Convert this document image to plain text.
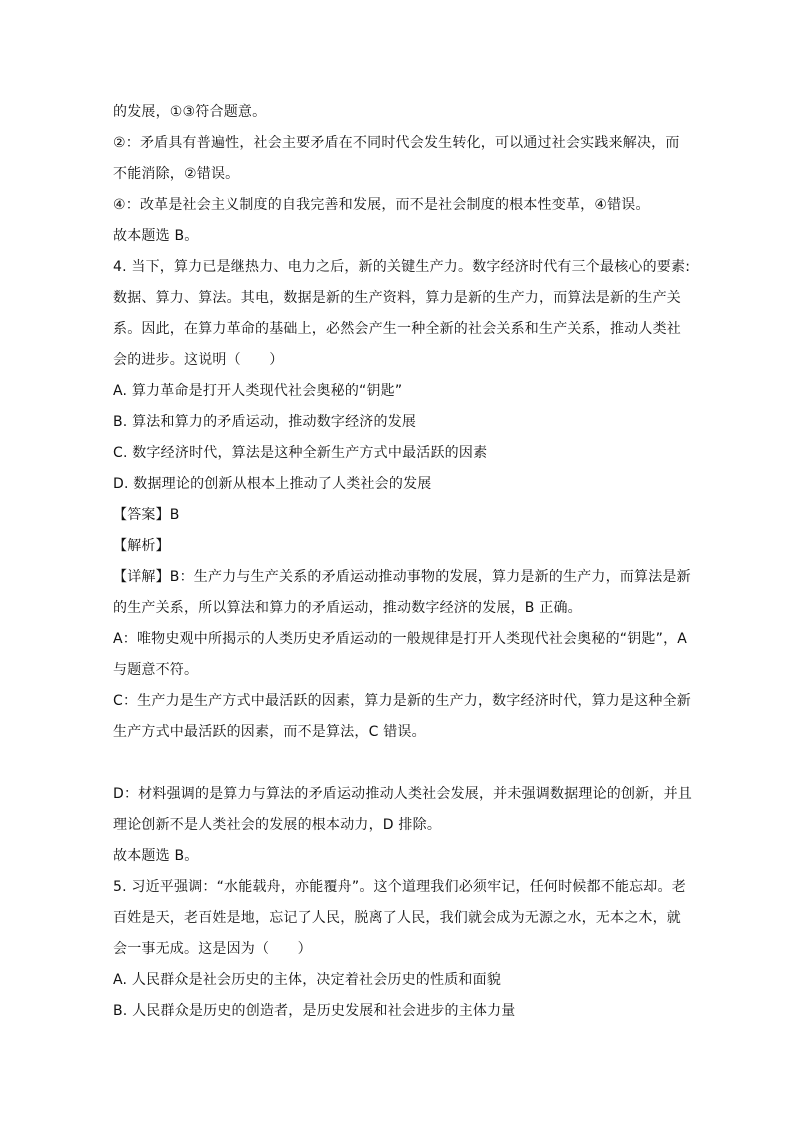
的发展，①③符合题意。
②：矛盾具有普遍性，社会主要矛盾在不同时代会发生转化，可以通过社会实践来解决，而
不能消除，②错误。
④：改革是社会主义制度的自我完善和发展，而不是社会制度的根本性变革，④错误。
故本题选 B。
4. 当下，算力已是继热力、电力之后，新的关键生产力。数字经济时代有三个最核心的要素:
数据、算力、算法。其电，数据是新的生产资料，算力是新的生产力，而算法是新的生产关
系。因此，在算力革命的基础上，必然会产生一种全新的社会关系和生产关系，推动人类社
会的进步。这说明（　　）
A. 算力革命是打开人类现代社会奥秘的“钥匙”
B. 算法和算力的矛盾运动，推动数字经济的发展
C. 数字经济时代，算法是这种全新生产方式中最活跃的因素
D. 数据理论的创新从根本上推动了人类社会的发展
【答案】B
【解析】
【详解】B：生产力与生产关系的矛盾运动推动事物的发展，算力是新的生产力，而算法是新
的生产关系，所以算法和算力的矛盾运动，推动数字经济的发展，B 正确。
A：唯物史观中所揭示的人类历史矛盾运动的一般规律是打开人类现代社会奥秘的“钥匙”，A
与题意不符。
C：生产力是生产方式中最活跃的因素，算力是新的生产力，数字经济时代，算力是这种全新
生产方式中最活跃的因素，而不是算法，C 错误。
D：材料强调的是算力与算法的矛盾运动推动人类社会发展，并未强调数据理论的创新，并且
理论创新不是人类社会的发展的根本动力，D 排除。
故本题选 B。
5. 习近平强调：“水能载舟，亦能覆舟”。这个道理我们必须牢记，任何时候都不能忘却。老
百姓是天，老百姓是地，忘记了人民，脱离了人民，我们就会成为无源之水，无本之木，就
会一事无成。这是因为（　　）
A. 人民群众是社会历史的主体，决定着社会历史的性质和面貌
B. 人民群众是历史的创造者，是历史发展和社会进步的主体力量
